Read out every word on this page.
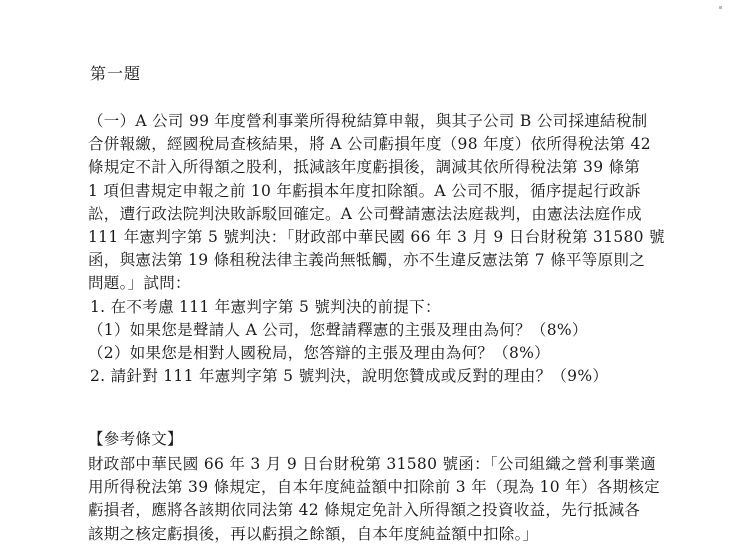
第一題
（一）A 公司 99 年度營利事業所得稅結算申報，與其子公司 B 公司採連結稅制
合併報繳，經國稅局查核結果，將 A 公司虧損年度（98 年度）依所得稅法第 42
條規定不計入所得額之股利，抵減該年度虧損後，調減其依所得稅法第 39 條第
1 項但書規定申報之前 10 年虧損本年度扣除額。A 公司不服，循序提起行政訴
訟，遭行政法院判決敗訴駁回確定。A 公司聲請憲法法庭裁判，由憲法法庭作成
111 年憲判字第 5 號判決：「財政部中華民國 66 年 3 月 9 日台財稅第 31580 號
函，與憲法第 19 條租稅法律主義尚無牴觸，亦不生違反憲法第 7 條平等原則之
問題。」試問：
1. 在不考慮 111 年憲判字第 5 號判決的前提下：
（1）如果您是聲請人 A 公司，您聲請釋憲的主張及理由為何？（8%）
（2）如果您是相對人國稅局，您答辯的主張及理由為何？（8%）
2. 請針對 111 年憲判字第 5 號判決，說明您贊成或反對的理由？（9%）
【參考條文】
財政部中華民國 66 年 3 月 9 日台財稅第 31580 號函：「公司組織之營利事業適
用所得稅法第 39 條規定，自本年度純益額中扣除前 3 年（現為 10 年）各期核定
虧損者，應將各該期依同法第 42 條規定免計入所得額之投資收益，先行抵減各
該期之核定虧損後，再以虧損之餘額，自本年度純益額中扣除。」
